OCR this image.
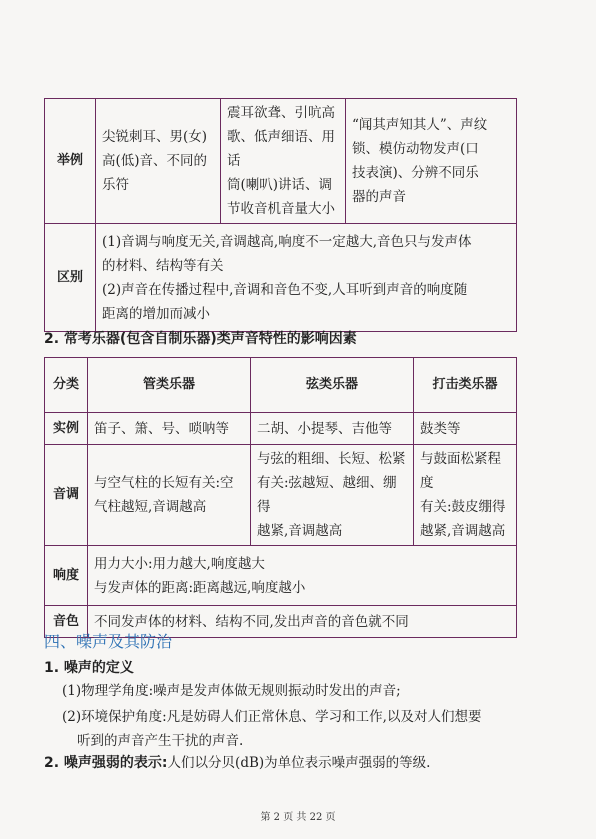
举例	尖锐刺耳、男(女)
高(低)音、不同的
乐符	震耳欲聋、引吭高
歌、低声细语、用话
筒(喇叭)讲话、调
节收音机音量大小	“闻其声知其人”、声纹
锁、模仿动物发声(口
技表演)、分辨不同乐
器的声音

区别	(1)音调与响度无关,音调越高,响度不一定越大,音色只与发声体
的材料、结构等有关
(2)声音在传播过程中,音调和音色不变,人耳听到声音的响度随
距离的增加而减小		
2. 常考乐器(包含自制乐器)类声音特性的影响因素
分类	管类乐器	弦类乐器	打击类乐器
实例	笛子、箫、号、唢呐等	二胡、小提琴、吉他等	鼓类等

音调	与空气柱的长短有关:空
气柱越短,音调越高	与弦的粗细、长短、松紧
有关:弦越短、越细、绷得
越紧,音调越高	与鼓面松紧程度
有关:鼓皮绷得
越紧,音调越高

响度	用力大小:用力越大,响度越大
与发声体的距离:距离越远,响度越小		

音色	不同发声体的材料、结构不同,发出声音的音色就不同		
四、噪声及其防治
1. 噪声的定义
(1)物理学角度:噪声是发声体做无规则振动时发出的声音;
(2)环境保护角度:凡是妨碍人们正常休息、学习和工作,以及对人们想要
听到的声音产生干扰的声音.
2. 噪声强弱的表示:人们以分贝(dB)为单位表示噪声强弱的等级.
第 2 页 共 22 页
